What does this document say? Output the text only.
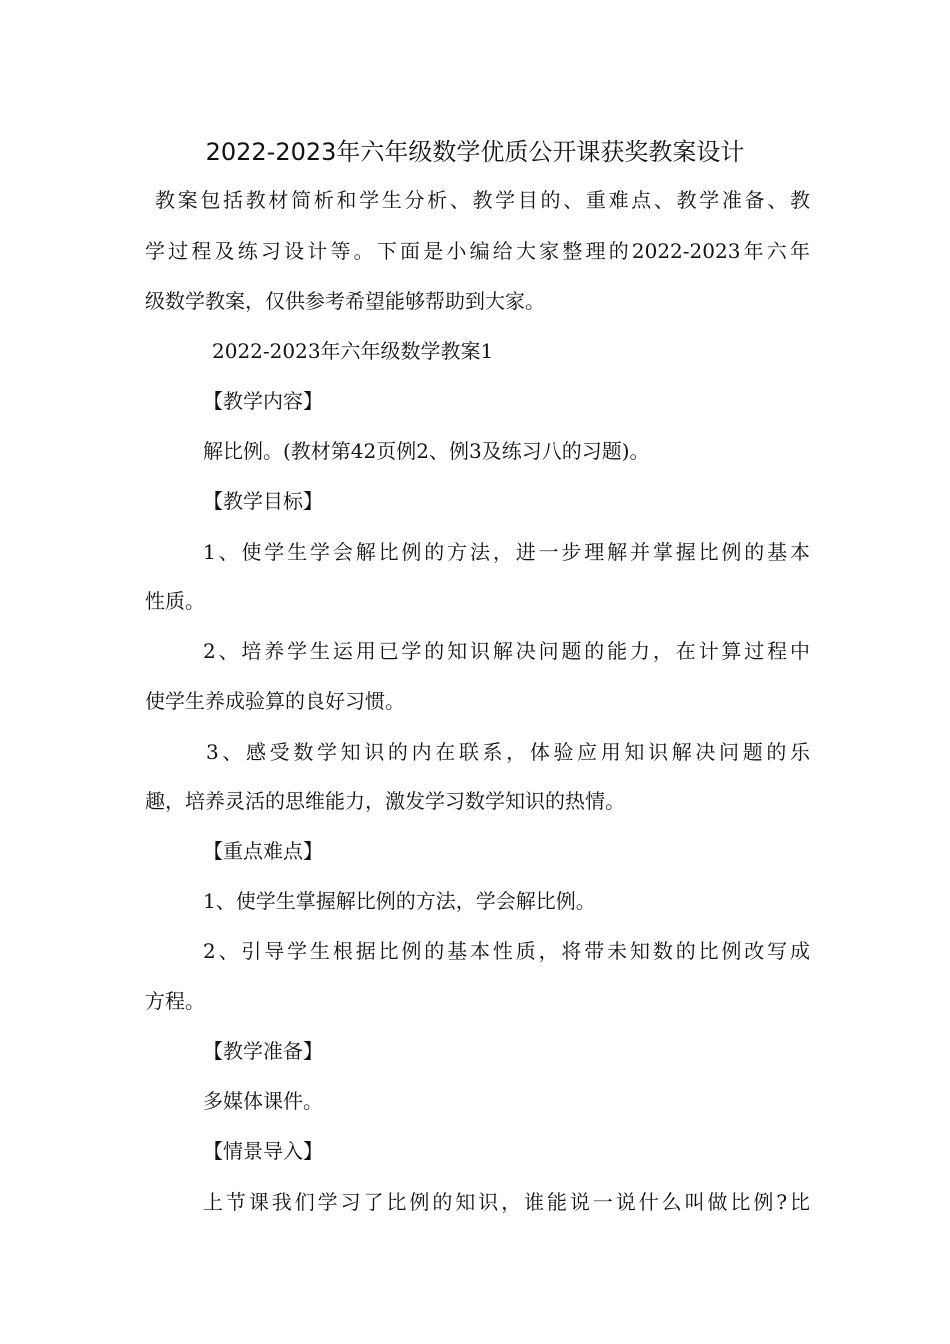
2022-2023年六年级数学优质公开课获奖教案设计
教案包括教材简析和学生分析、教学目的、重难点、教学准备、教
学过程及练习设计等。下面是小编给大家整理的2022-2023年六年
级数学教案，仅供参考希望能够帮助到大家。
2022-2023年六年级数学教案1
【教学内容】
解比例。(教材第42页例2、例3及练习八的习题)。
【教学目标】
1、使学生学会解比例的方法，进一步理解并掌握比例的基本
性质。
2、培养学生运用已学的知识解决问题的能力，在计算过程中
使学生养成验算的良好习惯。
3、感受数学知识的内在联系，体验应用知识解决问题的乐
趣，培养灵活的思维能力，激发学习数学知识的热情。
【重点难点】
1、使学生掌握解比例的方法，学会解比例。
2、引导学生根据比例的基本性质，将带未知数的比例改写成
方程。
【教学准备】
多媒体课件。
【情景导入】
上节课我们学习了比例的知识，谁能说一说什么叫做比例?比
